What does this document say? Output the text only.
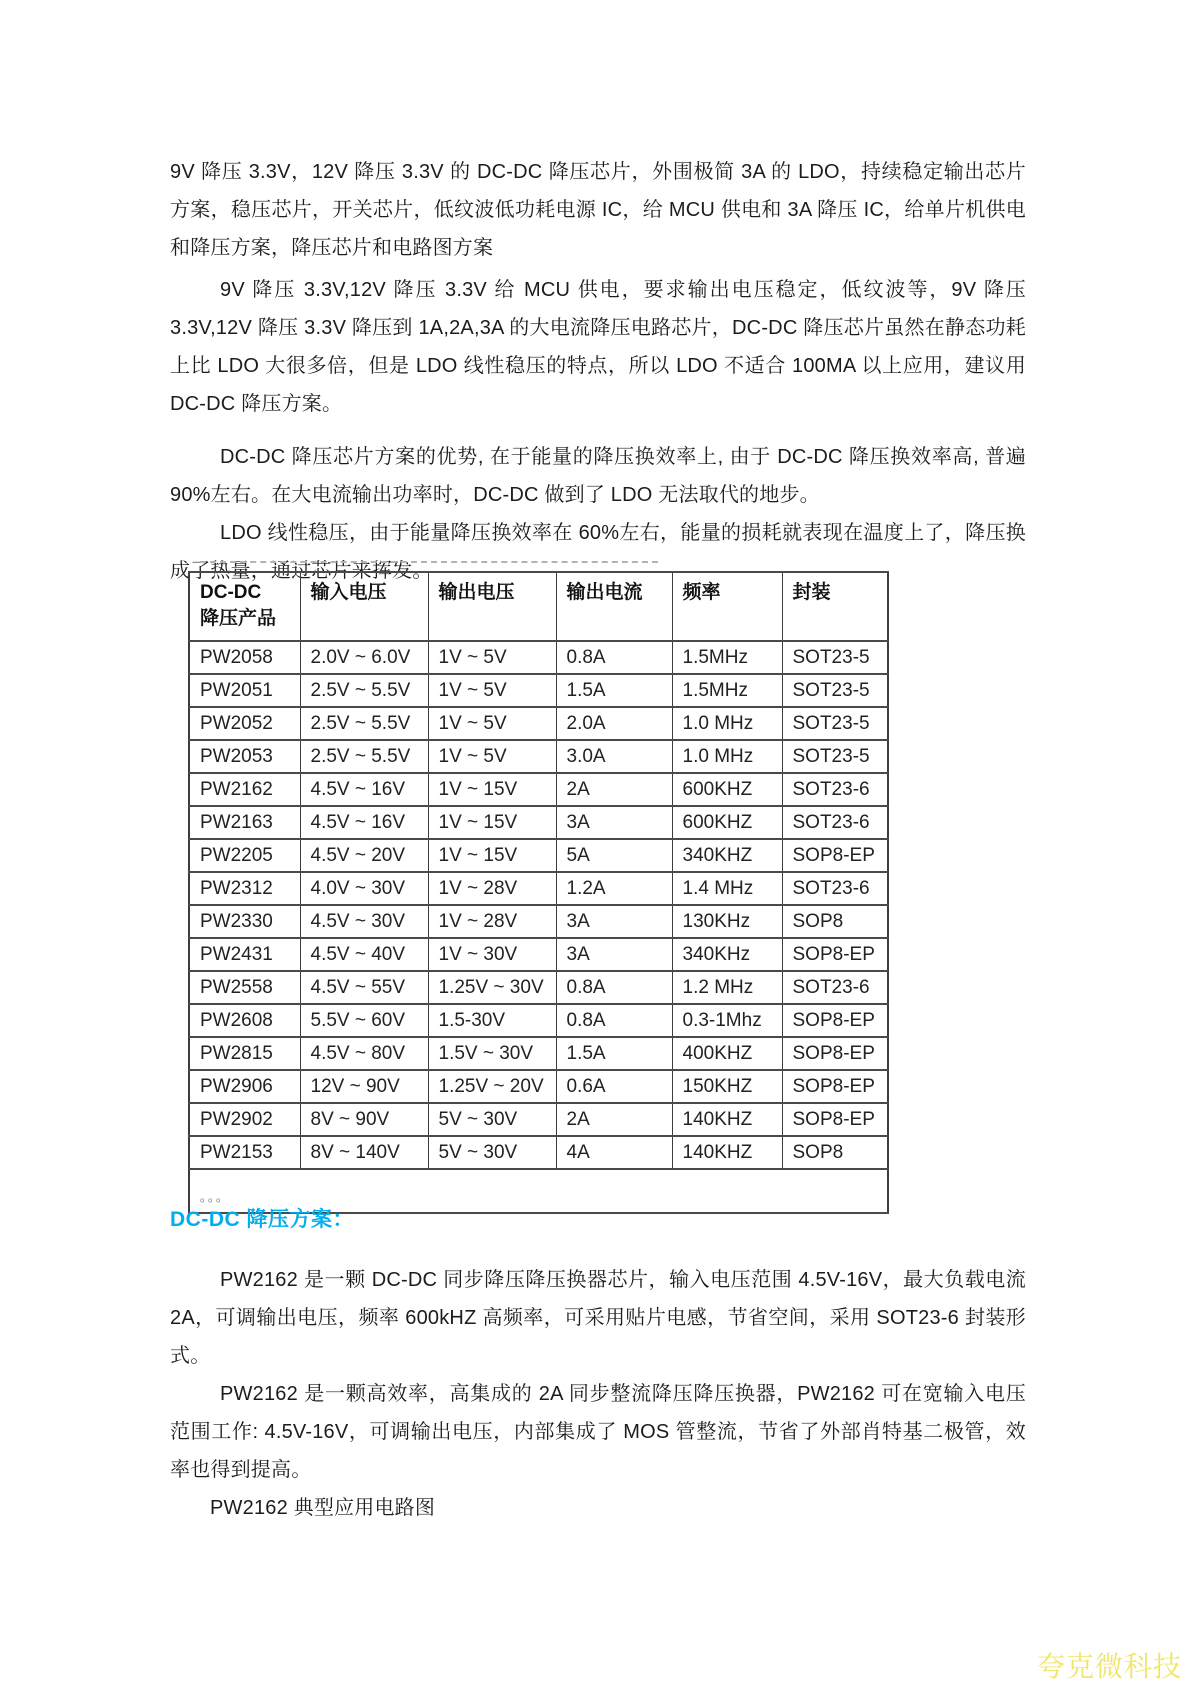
9V 降压 3.3V，12V 降压 3.3V 的 DC-DC 降压芯片，外围极简 3A 的 LDO，持续稳定输出芯片方案，稳压芯片，开关芯片，低纹波低功耗电源 IC，给 MCU 供电和 3A 降压 IC，给单片机供电和降压方案，降压芯片和电路图方案

9V 降压 3.3V,12V 降压 3.3V 给 MCU 供电，要求输出电压稳定，低纹波等，9V 降压 3.3V,12V 降压 3.3V 降压到 1A,2A,3A 的大电流降压电路芯片，DC-DC 降压芯片虽然在静态功耗上比 LDO 大很多倍，但是 LDO 线性稳压的特点，所以 LDO 不适合 100MA 以上应用，建议用 DC-DC 降压方案。

DC-DC 降压芯片方案的优势, 在于能量的降压换效率上, 由于 DC-DC 降压换效率高, 普遍 90%左右。在大电流输出功率时，DC-DC 做到了 LDO 无法取代的地步。

LDO 线性稳压，由于能量降压换效率在 60%左右，能量的损耗就表现在温度上了，降压换成了热量，通过芯片来挥发。

DC-DC
降压产品	输入电压	输出电压	输出电流	频率	封装
PW2058	2.0V ~ 6.0V	1V ~ 5V	0.8A	1.5MHz	SOT23-5
PW2051	2.5V ~ 5.5V	1V ~ 5V	1.5A	1.5MHz	SOT23-5
PW2052	2.5V ~ 5.5V	1V ~ 5V	2.0A	1.0 MHz	SOT23-5
PW2053	2.5V ~ 5.5V	1V ~ 5V	3.0A	1.0 MHz	SOT23-5
PW2162	4.5V ~ 16V	1V ~ 15V	2A	600KHZ	SOT23-6
PW2163	4.5V ~ 16V	1V ~ 15V	3A	600KHZ	SOT23-6
PW2205	4.5V ~ 20V	1V ~ 15V	5A	340KHZ	SOP8-EP
PW2312	4.0V ~ 30V	1V ~ 28V	1.2A	1.4 MHz	SOT23-6
PW2330	4.5V ~ 30V	1V ~ 28V	3A	130KHz	SOP8
PW2431	4.5V ~ 40V	1V ~ 30V	3A	340KHz	SOP8-EP
PW2558	4.5V ~ 55V	1.25V ~ 30V	0.8A	1.2 MHz	SOT23-6
PW2608	5.5V ~ 60V	1.5-30V	0.8A	0.3-1Mhz	SOP8-EP
PW2815	4.5V ~ 80V	1.5V ~ 30V	1.5A	400KHZ	SOP8-EP
PW2906	12V ~ 90V	1.25V ~ 20V	0.6A	150KHZ	SOP8-EP
PW2902	8V ~ 90V	5V ~ 30V	2A	140KHZ	SOP8-EP
PW2153	8V ~ 140V	5V ~ 30V	4A	140KHZ	SOP8
。。。					
DC-DC 降压方案：

PW2162 是一颗 DC-DC 同步降压降压换器芯片，输入电压范围 4.5V-16V，最大负载电流 2A，可调输出电压，频率 600kHZ 高频率，可采用贴片电感，节省空间，采用 SOT23-6 封装形式。

PW2162 是一颗高效率，高集成的 2A 同步整流降压降压换器，PW2162 可在宽输入电压范围工作: 4.5V-16V，可调输出电压，内部集成了 MOS 管整流，节省了外部肖特基二极管，效率也得到提高。

PW2162 典型应用电路图

夸克微科技
